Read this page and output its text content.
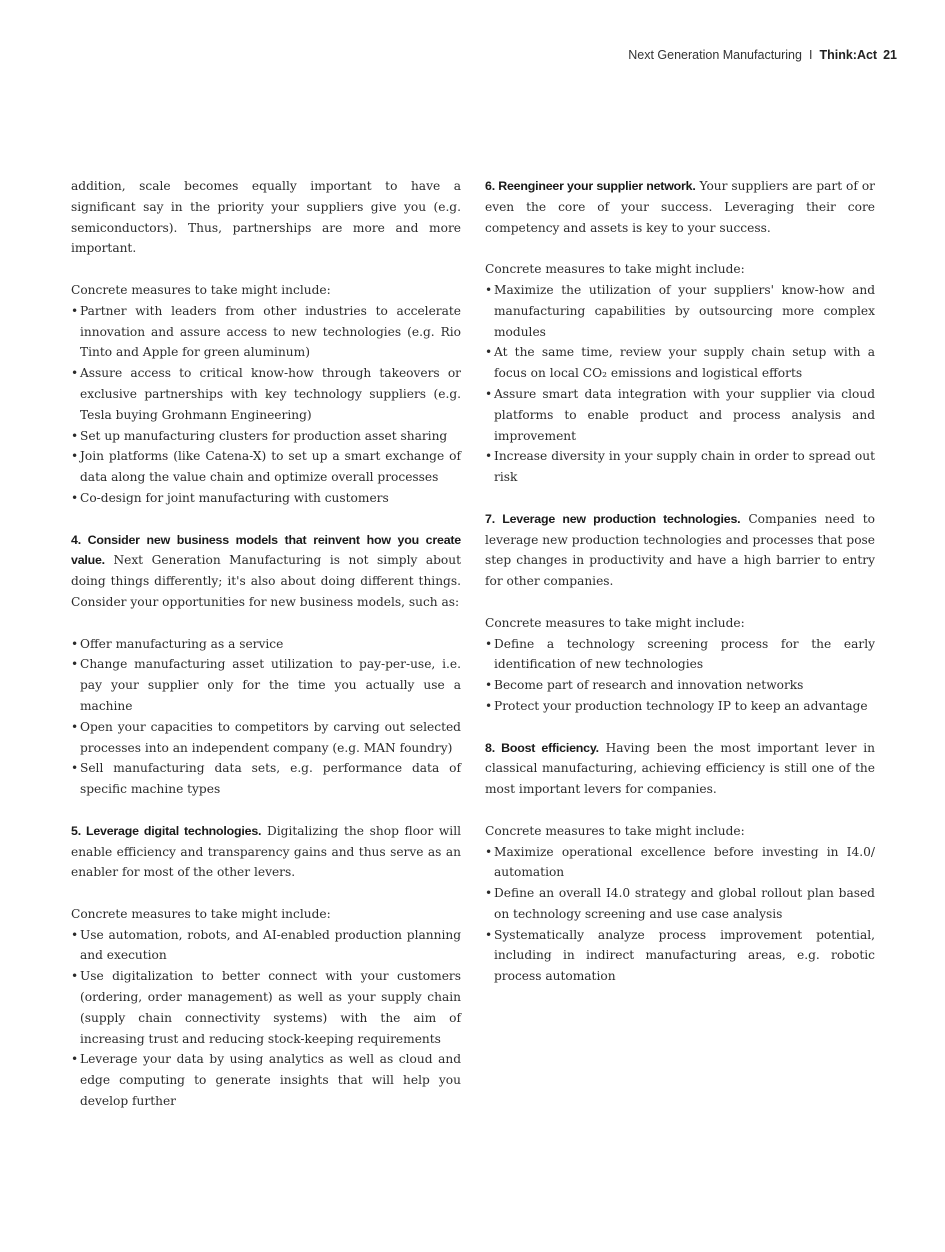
Next Generation Manufacturing I Think:Act 21

addition, scale becomes equally important to have a significant say in the priority your suppliers give you (e.g. semiconductors). Thus, partnerships are more and more important.

Concrete measures to take might include:

• Partner with leaders from other industries to accelerate innovation and assure access to new technologies (e.g. Rio Tinto and Apple for green aluminum)
• Assure access to critical know-how through takeovers or exclusive partnerships with key technology suppliers (e.g. Tesla buying Grohmann Engineering)
• Set up manufacturing clusters for production asset sharing
• Join platforms (like Catena-X) to set up a smart exchange of data along the value chain and optimize overall processes
• Co-design for joint manufacturing with customers

4. Consider new business models that reinvent how you create value. Next Generation Manufacturing is not simply about doing things differently; it's also about doing different things. Consider your opportunities for new business models, such as:

• Offer manufacturing as a service
• Change manufacturing asset utilization to pay-per-use, i.e. pay your supplier only for the time you actually use a machine
• Open your capacities to competitors by carving out selected processes into an independent company (e.g. MAN foundry)
• Sell manufacturing data sets, e.g. performance data of specific machine types

5. Leverage digital technologies. Digitalizing the shop floor will enable efficiency and transparency gains and thus serve as an enabler for most of the other levers.

Concrete measures to take might include:

• Use automation, robots, and AI-enabled production planning and execution
• Use digitalization to better connect with your customers (ordering, order management) as well as your supply chain (supply chain connectivity systems) with the aim of increasing trust and reducing stock-keeping requirements
• Leverage your data by using analytics as well as cloud and edge computing to generate insights that will help you develop further

6. Reengineer your supplier network. Your suppliers are part of or even the core of your success. Leveraging their core competency and assets is key to your success.

Concrete measures to take might include:

• Maximize the utilization of your suppliers' know-how and manufacturing capabilities by outsourcing more complex modules
• At the same time, review your supply chain setup with a focus on local CO₂ emissions and logistical efforts
• Assure smart data integration with your supplier via cloud platforms to enable product and process analysis and improvement
• Increase diversity in your supply chain in order to spread out risk

7. Leverage new production technologies. Companies need to leverage new production technologies and processes that pose step changes in productivity and have a high barrier to entry for other companies.

Concrete measures to take might include:

• Define a technology screening process for the early identification of new technologies
• Become part of research and innovation networks
• Protect your production technology IP to keep an advantage

8. Boost efficiency. Having been the most important lever in classical manufacturing, achieving efficiency is still one of the most important levers for companies.

Concrete measures to take might include:

• Maximize operational excellence before investing in I4.0/ automation
• Define an overall I4.0 strategy and global rollout plan based on technology screening and use case analysis
• Systematically analyze process improvement potential, including in indirect manufacturing areas, e.g. robotic process automation
